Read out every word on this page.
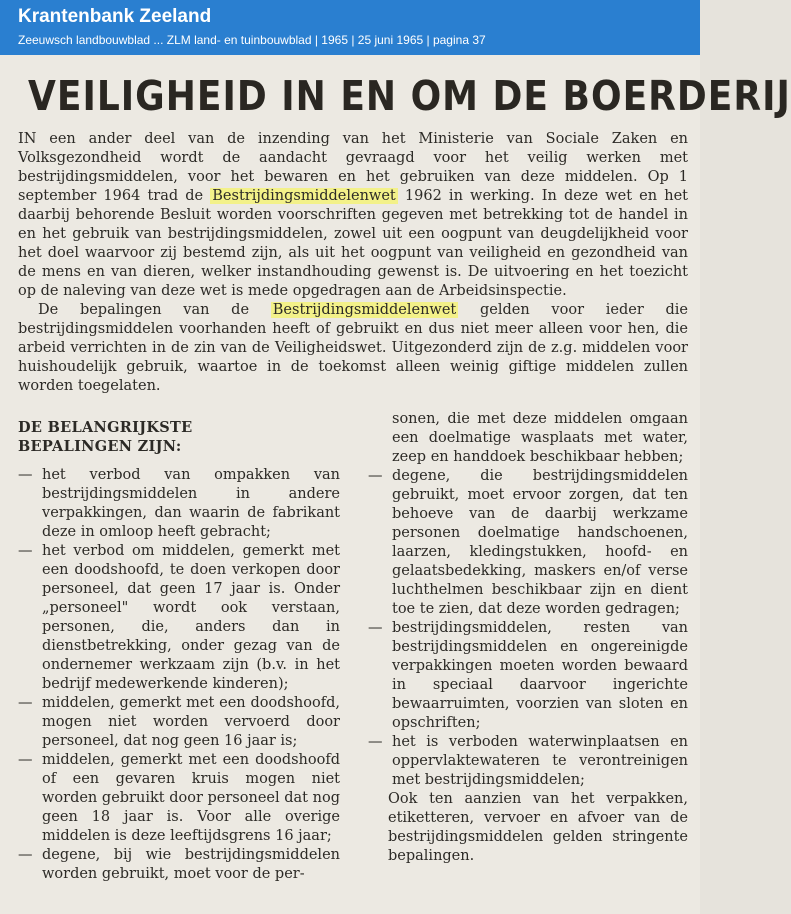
Krantenbank Zeeland
Zeeuwsch landbouwblad ... ZLM land- en tuinbouwblad | 1965 | 25 juni 1965 | pagina 37
VEILIGHEID IN EN OM DE BOERDERIJ

IN een ander deel van de inzending van het Ministerie van Sociale Zaken en Volksgezondheid wordt de aandacht gevraagd voor het veilig werken met bestrijdingsmiddelen, voor het bewaren en het gebruiken van deze middelen. Op 1 september 1964 trad de Bestrijdingsmiddelenwet 1962 in werking. In deze wet en het daarbij behorende Besluit worden voorschriften gegeven met betrekking tot de handel in en het gebruik van bestrijdingsmiddelen, zowel uit een oogpunt van deugdelijkheid voor het doel waarvoor zij bestemd zijn, als uit het oogpunt van veiligheid en gezondheid van de mens en van dieren, welker instandhouding gewenst is. De uitvoering en het toezicht op de naleving van deze wet is mede opgedragen aan de Arbeidsinspectie.

De bepalingen van de Bestrijdingsmiddelenwet gelden voor ieder die bestrijdingsmiddelen voorhanden heeft of gebruikt en dus niet meer alleen voor hen, die arbeid verrichten in de zin van de Veiligheidswet. Uitgezonderd zijn de z.g. middelen voor huishoudelijk gebruik, waartoe in de toekomst alleen weinig giftige middelen zullen worden toegelaten.

DE BELANGRIJKSTE
BEPALINGEN ZIJN:

— het verbod van ompakken van bestrijdingsmiddelen in andere verpakkingen, dan waarin de fabrikant deze in omloop heeft gebracht;

— het verbod om middelen, gemerkt met een doodshoofd, te doen verkopen door personeel, dat geen 17 jaar is. Onder „personeel" wordt ook verstaan, personen, die, anders dan in dienstbetrekking, onder gezag van de ondernemer werkzaam zijn (b.v. in het bedrijf medewerkende kinderen);

— middelen, gemerkt met een doodshoofd, mogen niet worden vervoerd door personeel, dat nog geen 16 jaar is;

— middelen, gemerkt met een doodshoofd of een gevaren kruis mogen niet worden gebruikt door personeel dat nog geen 18 jaar is. Voor alle overige middelen is deze leeftijdsgrens 16 jaar;

— degene, bij wie bestrijdingsmiddelen worden gebruikt, moet voor de per-

sonen, die met deze middelen omgaan een doelmatige wasplaats met water, zeep en handdoek beschikbaar hebben;

— degene, die bestrijdingsmiddelen gebruikt, moet ervoor zorgen, dat ten behoeve van de daarbij werkzame personen doelmatige handschoenen, laarzen, kledingstukken, hoofd- en gelaatsbedekking, maskers en/of verse luchthelmen beschikbaar zijn en dient toe te zien, dat deze worden gedragen;

— bestrijdingsmiddelen, resten van bestrijdingsmiddelen en ongereinigde verpakkingen moeten worden bewaard in speciaal daarvoor ingerichte bewaarruimten, voorzien van sloten en opschriften;

— het is verboden waterwinplaatsen en oppervlaktewateren te verontreinigen met bestrijdingsmiddelen;

Ook ten aanzien van het verpakken, etiketteren, vervoer en afvoer van de bestrijdingsmiddelen gelden stringente bepalingen.
